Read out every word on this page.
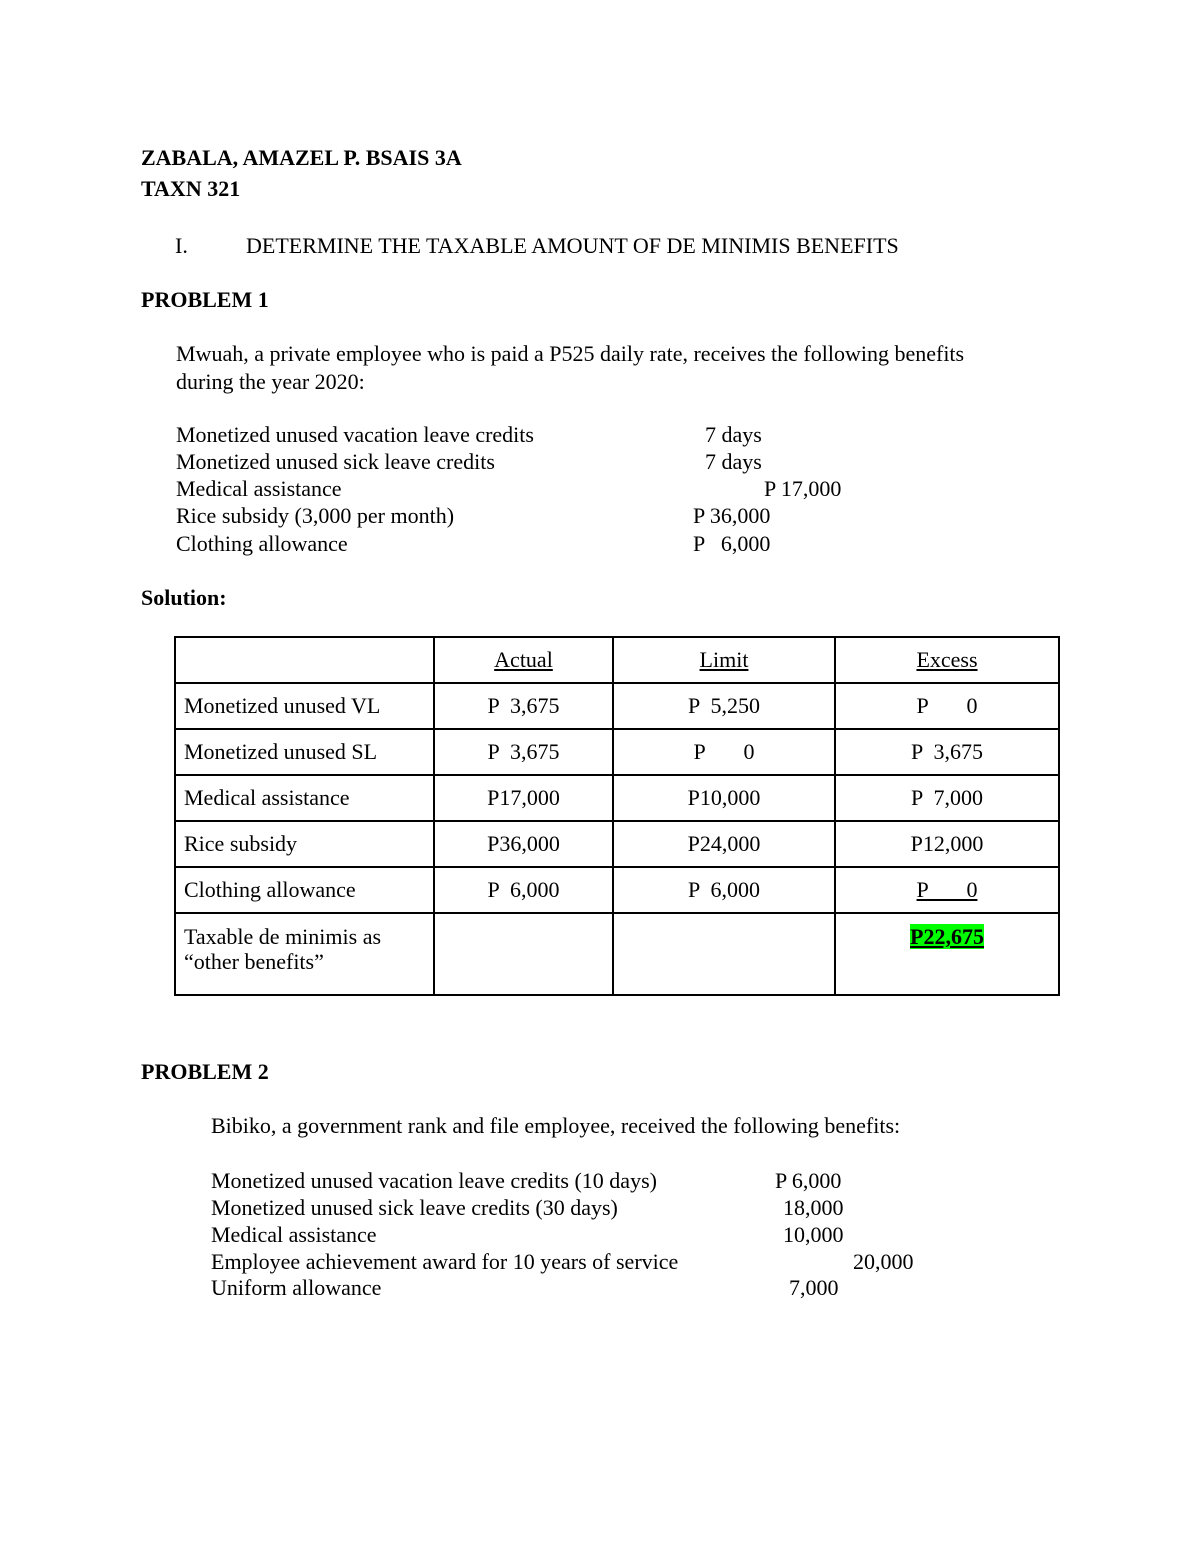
ZABALA, AMAZEL P. BSAIS 3A
TAXN 321
I.	DETERMINE THE TAXABLE AMOUNT OF DE MINIMIS BENEFITS
PROBLEM 1
Mwuah, a private employee who is paid a P525 daily rate, receives the following benefits
during the year 2020:
Monetized unused vacation leave credits	7 days
Monetized unused sick leave credits	7 days
Medical assistance	P 17,000
Rice subsidy (3,000 per month)	P 36,000
Clothing allowance	P   6,000
Solution:
	Actual	Limit	Excess
Monetized unused VL	P  3,675	P  5,250	P       0
Monetized unused SL	P  3,675	P       0	P  3,675
Medical assistance	P17,000	P10,000	P  7,000
Rice subsidy	P36,000	P24,000	P12,000
Clothing allowance	P  6,000	P  6,000	P       0

Taxable de minimis as
“other benefits”			P22,675
PROBLEM 2
Bibiko, a government rank and file employee, received the following benefits:
Monetized unused vacation leave credits (10 days)	P 6,000
Monetized unused sick leave credits (30 days)	18,000
Medical assistance	10,000
Employee achievement award for 10 years of service	20,000
Uniform allowance	7,000
